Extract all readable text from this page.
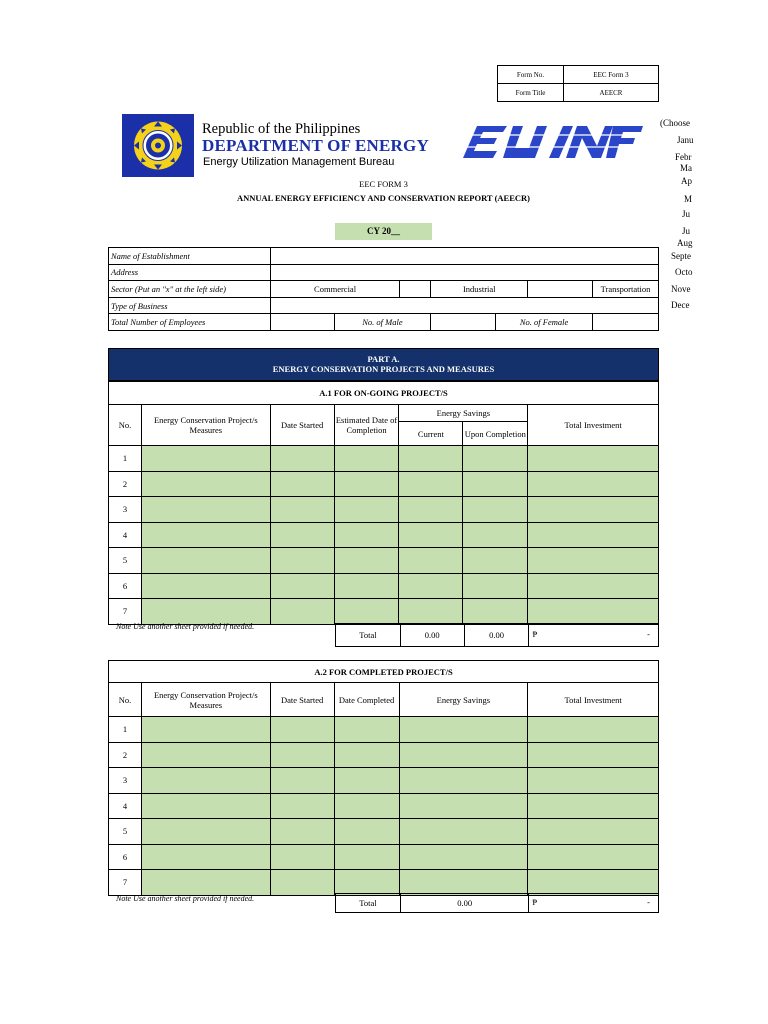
Form No.	EEC Form 3
Form Title	AEECR
Republic of the Philippines
DEPARTMENT OF ENERGY
Energy Utilization Management Bureau
EEC FORM 3
ANNUAL ENERGY EFFICIENCY AND CONSERVATION REPORT (AEECR)
CY 20__
(Choose
Janu
Febr
Ma
Ap
M
Ju
Ju
Aug
Septe
Octo
Nove
Dece
Name of Establishment							
Address							
Sector (Put an "x" at the left side)	Commercial			Industrial			Transportation
Type of Business							
Total Number of Employees		No. of Male			No. of Female		
PART A.
ENERGY CONSERVATION PROJECTS AND MEASURES
A.1 FOR ON-GOING PROJECT/S						
No.	Energy Conservation Project/s Measures	Date Started	Estimated Date of Completion	Energy Savings		Total Investment
				Current	Upon Completion	
1						
2						
3						
4						
5						
6						
7						
Note Use another sheet provided if needed.
Total	0.00	0.00	₱	-
A.2 FOR COMPLETED PROJECT/S					
No.	Energy Conservation Project/s Measures	Date Started	Date Completed	Energy Savings	Total Investment
1					
2					
3					
4					
5					
6					
7					
Note Use another sheet provided if needed.	Total	0.00	₱	-
